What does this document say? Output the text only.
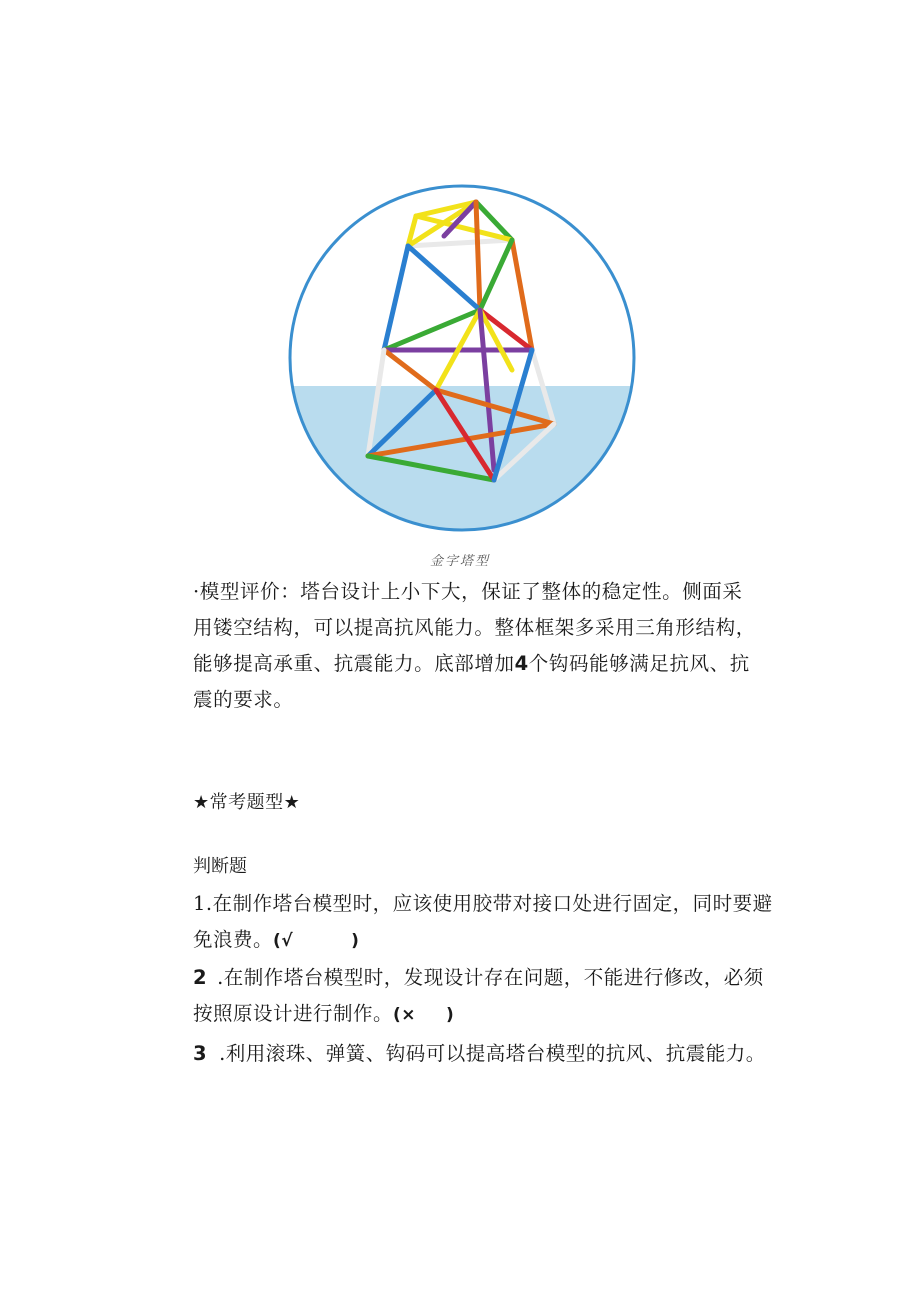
金字塔型

·模型评价：塔台设计上小下大，保证了整体的稳定性。侧面采

用镂空结构，可以提高抗风能力。整体框架多采用三角形结构，

能够提高承重、抗震能力。底部增加4个钩码能够满足抗风、抗

震的要求。

★常考题型★
判断题

1.在制作塔台模型时，应该使用胶带对接口处进行固定，同时要避

免浪费。(√	)

2 .在制作塔台模型时，发现设计存在问题，不能进行修改，必须

按照原设计进行制作。(× )

3 .利用滚珠、弹簧、钩码可以提高塔台模型的抗风、抗震能力。
